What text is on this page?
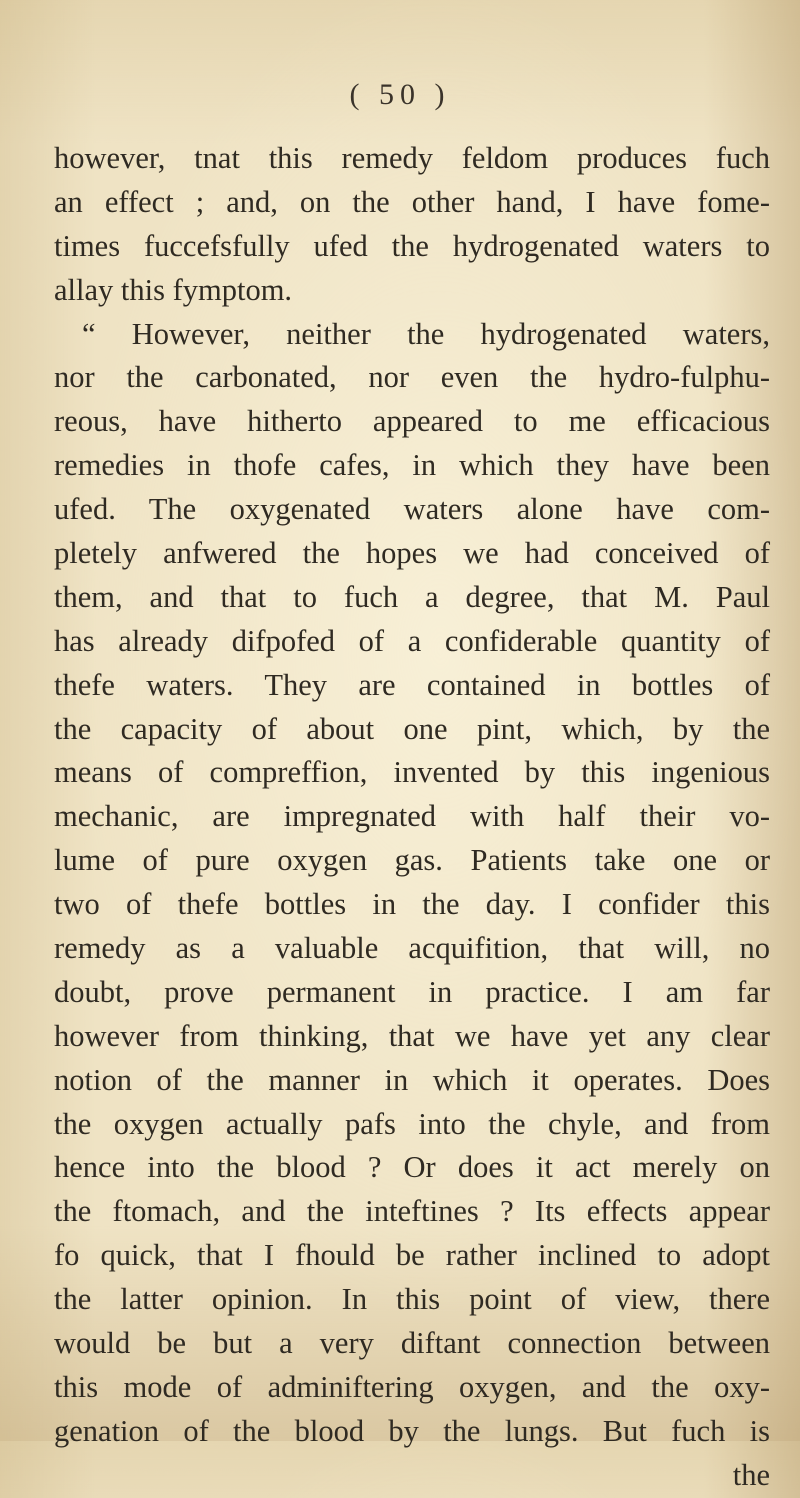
( 50 )
however, tnat this remedy feldom produces fuch
an effect ; and, on the other hand, I have fome-
times fuccefsfully ufed the hydrogenated waters to
allay this fymptom.
“ However, neither the hydrogenated waters,
nor the carbonated, nor even the hydro-fulphu-
reous, have hitherto appeared to me efficacious
remedies in thofe cafes, in which they have been
ufed. The oxygenated waters alone have com-
pletely anfwered the hopes we had conceived of
them, and that to fuch a degree, that M. Paul
has already difpofed of a confiderable quantity of
thefe waters. They are contained in bottles of
the capacity of about one pint, which, by the
means of compreffion, invented by this ingenious
mechanic, are impregnated with half their vo-
lume of pure oxygen gas. Patients take one or
two of thefe bottles in the day. I confider this
remedy as a valuable acquifition, that will, no
doubt, prove permanent in practice. I am far
however from thinking, that we have yet any clear
notion of the manner in which it operates. Does
the oxygen actually pafs into the chyle, and from
hence into the blood ? Or does it act merely on
the ftomach, and the inteftines ? Its effects appear
fo quick, that I fhould be rather inclined to adopt
the latter opinion. In this point of view, there
would be but a very diftant connection between
this mode of adminiftering oxygen, and the oxy-
genation of the blood by the lungs. But fuch is
the
